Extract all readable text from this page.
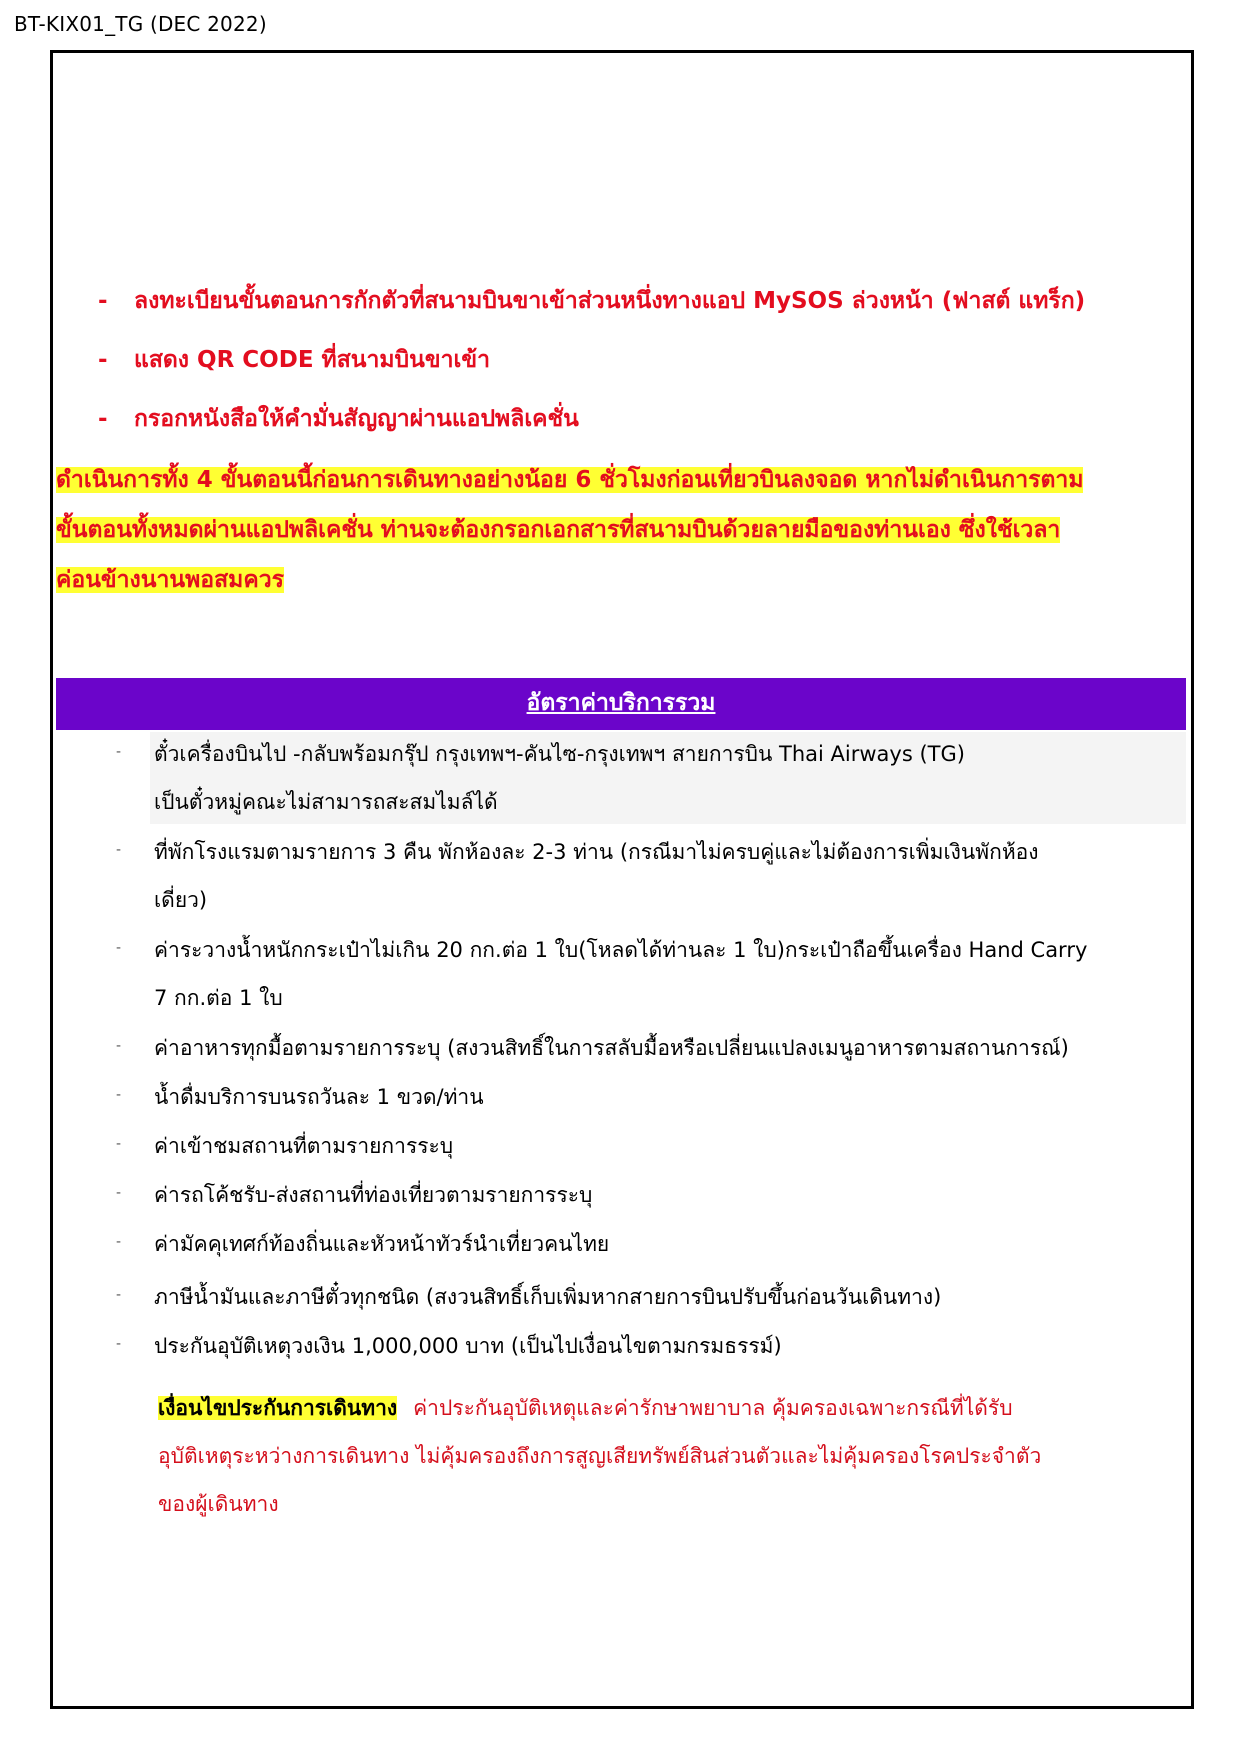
BT-KIX01_TG (DEC 2022)
- ลงทะเบียนขั้นตอนการกักตัวที่สนามบินขาเข้าส่วนหนึ่งทางแอป MySOS ล่วงหน้า (ฟาสต์ แทร็ก)
- แสดง QR CODE ที่สนามบินขาเข้า
- กรอกหนังสือให้คำมั่นสัญญาผ่านแอปพลิเคชั่น
ดำเนินการทั้ง 4 ขั้นตอนนี้ก่อนการเดินทางอย่างน้อย 6 ชั่วโมงก่อนเที่ยวบินลงจอด หากไม่ดำเนินการตาม
ขั้นตอนทั้งหมดผ่านแอปพลิเคชั่น ท่านจะต้องกรอกเอกสารที่สนามบินด้วยลายมือของท่านเอง ซึ่งใช้เวลา
ค่อนข้างนานพอสมควร
อัตราค่าบริการรวม
- ตั๋วเครื่องบินไป -กลับพร้อมกรุ๊ป กรุงเทพฯ-คันไซ-กรุงเทพฯ สายการบิน Thai Airways (TG)
เป็นตั๋วหมู่คณะไม่สามารถสะสมไมล์ได้
- ที่พักโรงแรมตามรายการ 3 คืน พักห้องละ 2-3 ท่าน (กรณีมาไม่ครบคู่และไม่ต้องการเพิ่มเงินพักห้อง
เดี่ยว)
- ค่าระวางน้ำหนักกระเป๋าไม่เกิน 20 กก.ต่อ 1 ใบ(โหลดได้ท่านละ 1 ใบ)กระเป๋าถือขึ้นเครื่อง Hand Carry
7 กก.ต่อ 1 ใบ
- ค่าอาหารทุกมื้อตามรายการระบุ (สงวนสิทธิ์ในการสลับมื้อหรือเปลี่ยนแปลงเมนูอาหารตามสถานการณ์)
- น้ำดื่มบริการบนรถวันละ 1 ขวด/ท่าน
- ค่าเข้าชมสถานที่ตามรายการระบุ
- ค่ารถโค้ชรับ-ส่งสถานที่ท่องเที่ยวตามรายการระบุ
- ค่ามัคคุเทศก์ท้องถิ่นและหัวหน้าทัวร์นำเที่ยวคนไทย
- ภาษีน้ำมันและภาษีตั๋วทุกชนิด (สงวนสิทธิ์เก็บเพิ่มหากสายการบินปรับขึ้นก่อนวันเดินทาง)
- ประกันอุบัติเหตุวงเงิน 1,000,000 บาท (เป็นไปเงื่อนไขตามกรมธรรม์)
เงื่อนไขประกันการเดินทาง ค่าประกันอุบัติเหตุและค่ารักษาพยาบาล คุ้มครองเฉพาะกรณีที่ได้รับ
อุบัติเหตุระหว่างการเดินทาง ไม่คุ้มครองถึงการสูญเสียทรัพย์สินส่วนตัวและไม่คุ้มครองโรคประจำตัว
ของผู้เดินทาง
